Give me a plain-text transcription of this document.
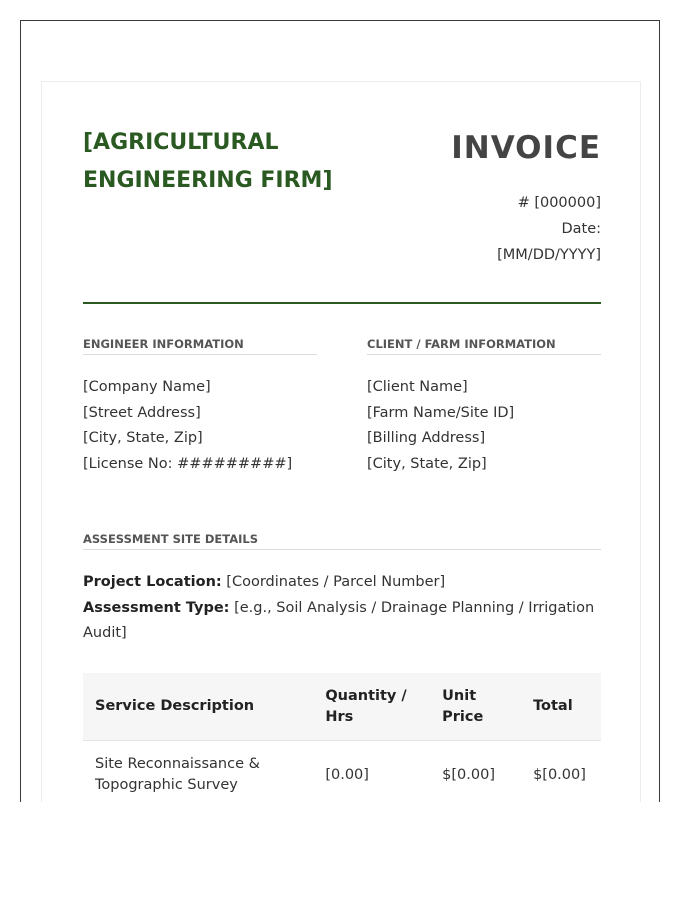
[AGRICULTURAL ENGINEERING FIRM]
INVOICE
# [000000]
Date:
[MM/DD/YYYY]
ENGINEER INFORMATION
[Company Name]
[Street Address]
[City, State, Zip]
[License No: #########]
CLIENT / FARM INFORMATION
[Client Name]
[Farm Name/Site ID]
[Billing Address]
[City, State, Zip]
ASSESSMENT SITE DETAILS
Project Location: [Coordinates / Parcel Number]
Assessment Type: [e.g., Soil Analysis / Drainage Planning / Irrigation Audit]
Service Description	Quantity / Hrs	Unit Price	Total
Site Reconnaissance & Topographic Survey	[0.00]	$[0.00]	$[0.00]
